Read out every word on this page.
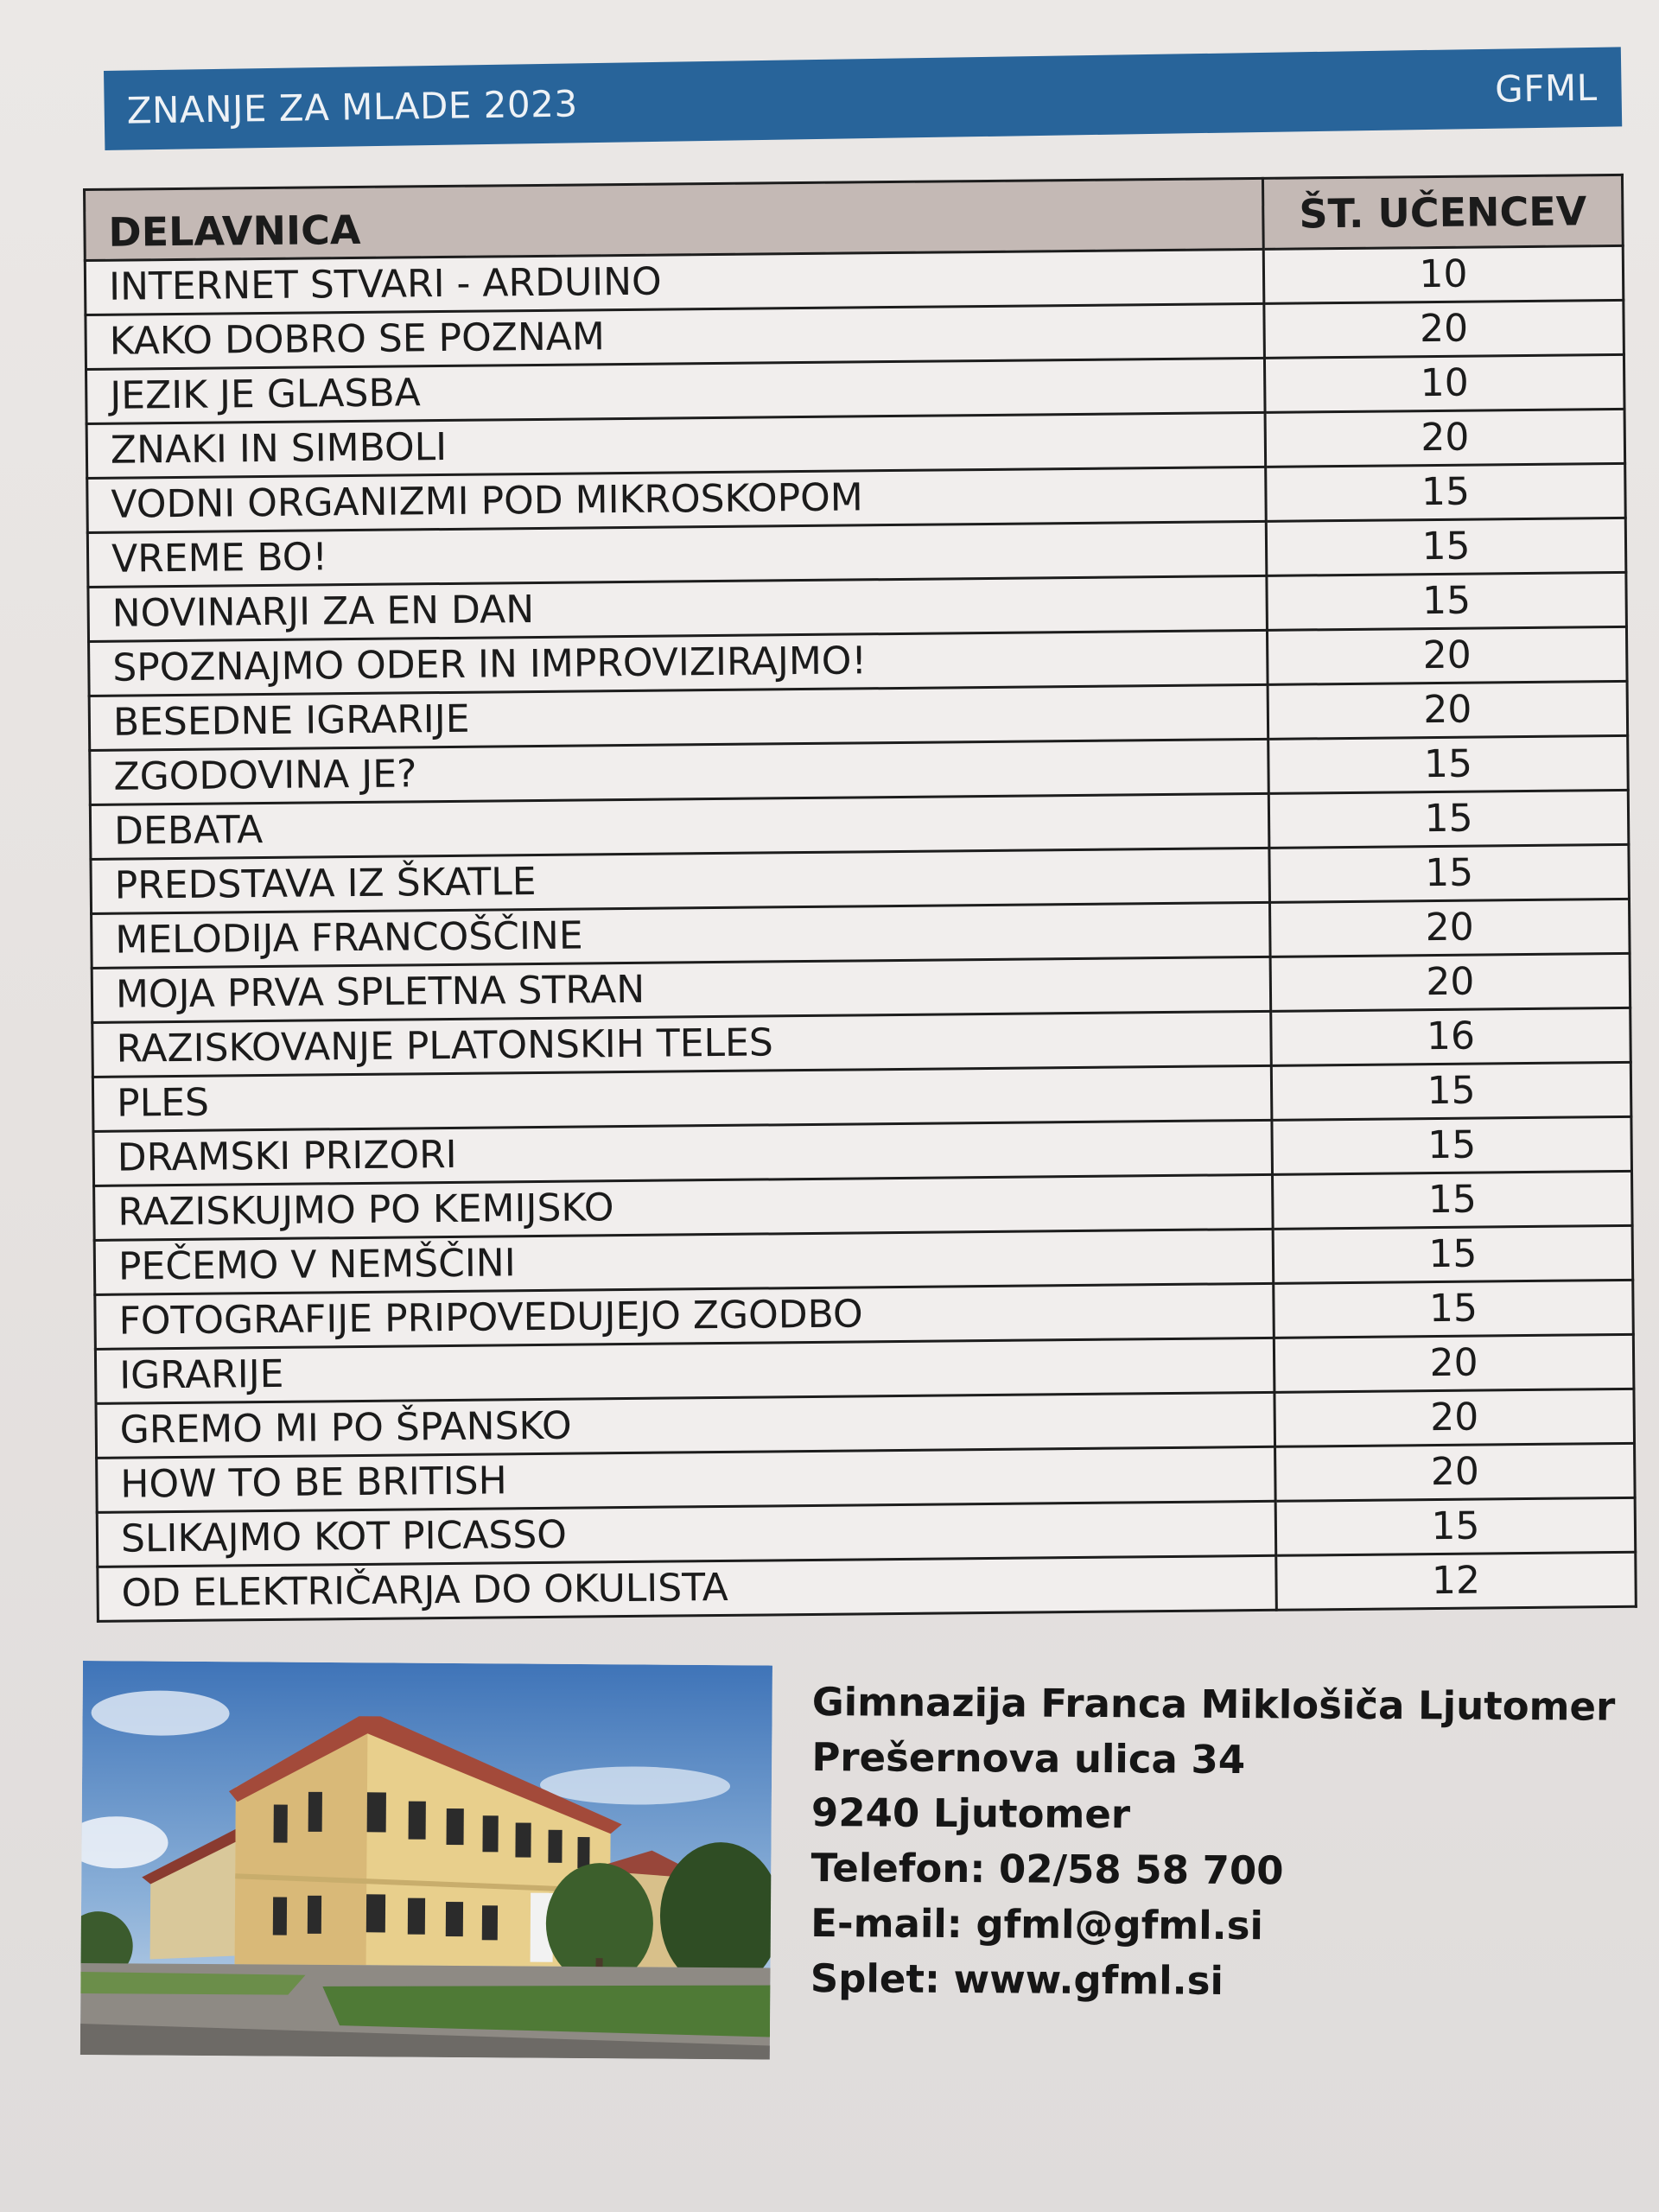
ZNANJE ZA MLADE 2023	GFML
DELAVNICA	ŠT. UČENCEV
INTERNET STVARI - ARDUINO	10
KAKO DOBRO SE POZNAM	20
JEZIK JE GLASBA	10
ZNAKI IN SIMBOLI	20
VODNI ORGANIZMI POD MIKROSKOPOM	15
VREME BO!	15
NOVINARJI ZA EN DAN	15
SPOZNAJMO ODER IN IMPROVIZIRAJMO!	20
BESEDNE IGRARIJE	20
ZGODOVINA JE?	15
DEBATA	15
PREDSTAVA IZ ŠKATLE	15
MELODIJA FRANCOŠČINE	20
MOJA PRVA SPLETNA STRAN	20
RAZISKOVANJE PLATONSKIH TELES	16
PLES	15
DRAMSKI PRIZORI	15
RAZISKUJMO PO KEMIJSKO	15
PEČEMO V NEMŠČINI	15
FOTOGRAFIJE PRIPOVEDUJEJO ZGODBO	15
IGRARIJE	20
GREMO MI PO ŠPANSKO	20
HOW TO BE BRITISH	20
SLIKAJMO KOT PICASSO	15
OD ELEKTRIČARJA DO OKULISTA	12
Gimnazija Franca Miklošiča Ljutomer
Prešernova ulica 34
9240 Ljutomer
Telefon: 02/58 58 700
E-mail: gfml@gfml.si
Splet: www.gfml.si
